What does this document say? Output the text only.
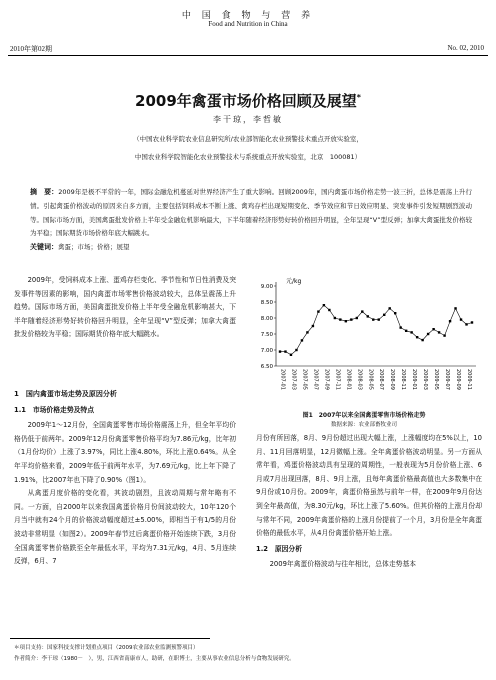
中 国 食 物 与 营 养
Food and Nutrition in China
2010年第02期	No. 02, 2010
2009年禽蛋市场价格回顾及展望*
李干琼，李哲敏
（中国农业科学院农业信息研究所/农业部智能化农业预警技术重点开放实验室，
中国农业科学院智能化农业预警技术与系统重点开放实验室，北京　100081）
摘　要：2009年是极不平常的一年，国际金融危机蔓延对世界经济产生了重大影响。回顾2009年，国内禽蛋市场价格走势一波三折，总体是震荡上升行情。引起禽蛋价格波动的原因来自多方面，主要包括饲料成本不断上涨、禽鸡存栏出现短期变化、季节效应和节日效应明显、突发事件引发短期剧烈波动等。国际市场方面，美国禽蛋批发价格上半年受金融危机影响最大，下半年随着经济形势好转价格回升明显，全年呈现“V”型反弹；加拿大禽蛋批发价格较为平稳；国际期货市场价格年底大幅跳水。
关键词：禽蛋；市场；价格；展望

2009年，受饲料成本上涨、蛋鸡存栏变化、季节性和节日性消费及突发事件等因素的影响，国内禽蛋市场零售价格波动较大，总体呈震荡上升趋势。国际市场方面，美国禽蛋批发价格上半年受全融危机影响甚大，下半年随着经济形势好转价格回升明显，全年呈现“V”型反弹；加拿大禽蛋批发价格较为平稳；国际期货价格年底大幅跳水。

1　国内禽蛋市场走势及原因分析
1.1　市场价格走势及特点

2009年1～12月份，全国禽蛋零售市场价格震荡上升，但全年平均价格仍低于前两年。2009年12月份禽蛋零售价格平均为7.86元/kg，比年初（1月份均价）上涨了3.97%，同比上涨4.80%，环比上涨0.64%。从全年平均价格来看，2009年低于前两年水平，为7.69元/kg，比上年下降了1.91%，比2007年也下降了0.90%（图1）。

从禽蛋月度价格的变化看，其波动剧烈，且波动周期与常年略有不同。一方面，自2000年以来我国禽蛋价格月份间波动较大，10年120个月当中就有24个月的价格波动幅度超过±5.00%，即相当于有1/5的月份波动非常明显（如图2）。2009年春节过后禽蛋价格开始连续下跌，3月份全国禽蛋零售价格跌至全年最低水平，平均为7.31元/kg，4月、5月连续反弹，6月、7

元/kg
6.50
7.00
7.50
8.00
8.50
9.00
2007-01 2007-03 2007-05 2007-07 2007-09 2007-11 2008-01 2008-03 2008-05 2008-07 2008-09 2008-11 2009-01 2009-03 2009-05 2009-07 2009-09 2009-11
图1　2007年以来全国禽蛋零售市场价格走势
数据来源：农业部畜牧业司

月份有所回落，8月、9月份超过出现大幅上涨，上涨幅度均在5%以上，10月、11月回落明显，12月微幅上涨。全年禽蛋价格波动明显。另一方面从常年看，鸡蛋价格波动具有呈现的周期性，一般表现为5月份价格上涨、6月或7月出现回落，8月、9月上涨，且每年禽蛋价格最高值也大多数集中在9月份或10月份。2009年，禽蛋价格虽然与前年一样，在2009年9月份达到全年最高值，为8.30元/kg，环比上涨了5.60%。但其价格的上涨月份却与常年不同，2009年禽蛋价格的上涨月份提前了一个月，3月份是全年禽蛋价格的最低水平，从4月份禽蛋价格开始上涨。

1.2　原因分析

2009年禽蛋价格波动与往年相比，总体走势基本

＊项目支持：国家科技支撑计划重点项目（2009农业部农业监测预警项目）
作者简介：李干琼（1980－　），男，江西省南康市人，助研，在职博士，主要从事农业信息分析与食物发展研究。
